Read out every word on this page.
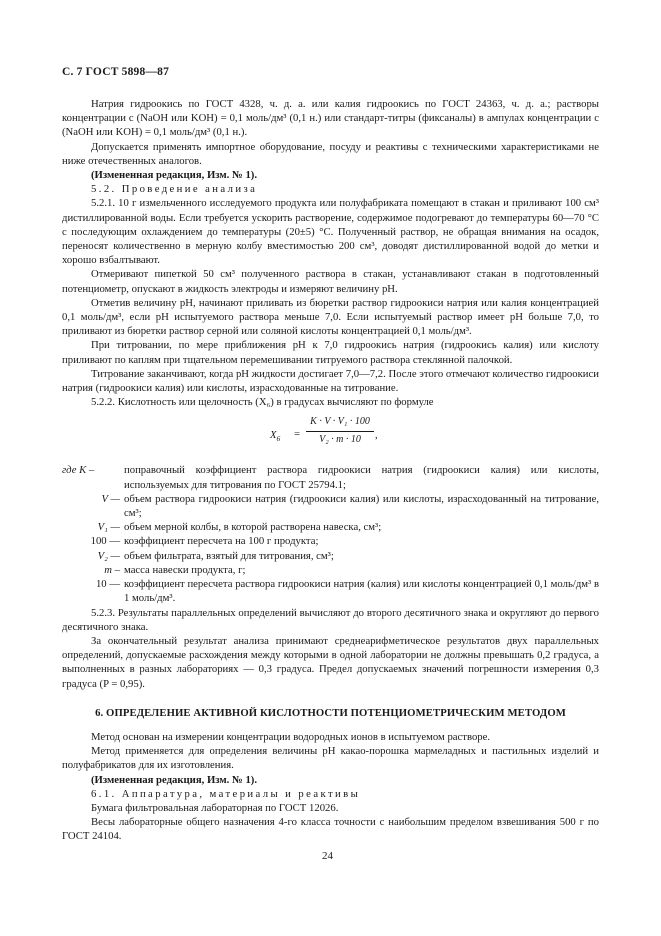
С. 7 ГОСТ 5898—87

Натрия гидроокись по ГОСТ 4328, ч. д. а. или калия гидроокись по ГОСТ 24363, ч. д. а.; растворы концентрации c (NaOH или KOH) = 0,1 моль/дм³ (0,1 н.) или стандарт-титры (фиксаналы) в ампулах концентрации c (NaOH или KOH) = 0,1 моль/дм³ (0,1 н.).

Допускается применять импортное оборудование, посуду и реактивы с техническими характеристиками не ниже отечественных аналогов.

(Измененная редакция, Изм. № 1).

5.2. Проведение анализа

5.2.1. 10 г измельченного исследуемого продукта или полуфабриката помещают в стакан и приливают 100 см³ дистиллированной воды. Если требуется ускорить растворение, содержимое подогревают до температуры 60—70 °С с последующим охлаждением до температуры (20±5) °С. Полученный раствор, не обращая внимания на осадок, переносят количественно в мерную колбу вместимостью 200 см³, доводят дистиллированной водой до метки и хорошо взбалтывают.

Отмеривают пипеткой 50 см³ полученного раствора в стакан, устанавливают стакан в подготовленный потенциометр, опускают в жидкость электроды и измеряют величину pH.

Отметив величину pH, начинают приливать из бюретки раствор гидроокиси натрия или калия концентрацией 0,1 моль/дм³, если pH испытуемого раствора меньше 7,0. Если испытуемый раствор имеет pH больше 7,0, то приливают из бюретки раствор серной или соляной кислоты концентрацией 0,1 моль/дм³.

При титровании, по мере приближения pH к 7,0 гидроокись натрия (гидроокись калия) или кислоту приливают по каплям при тщательном перемешивании титруемого раствора стеклянной палочкой.

Титрование заканчивают, когда pH жидкости достигает 7,0—7,2. После этого отмечают количество гидроокиси натрия (гидроокиси калия) или кислоты, израсходованные на титрование.

5.2.2. Кислотность или щелочность (X₆) в градусах вычисляют по формуле

$X_6 = \frac{\text{K · V · V₁ · 100}}{\text{V₂ · m · 10}}$ ,
где K –	поправочный коэффициент раствора гидроокиси натрия (гидроокиси калия) или кислоты, используемых для титрования по ГОСТ 25794.1;
V — объем раствора гидроокиси натрия (гидроокиси калия) или кислоты, израсходованный на титрование, см³;
V₁ — объем мерной колбы, в которой растворена навеска, см³;
100 — коэффициент пересчета на 100 г продукта;
V₂ — объем фильтрата, взятый для титрования, см³;
m – масса навески продукта, г;
10 — коэффициент пересчета раствора гидроокиси натрия (калия) или кислоты концентрацией 0,1 моль/дм³ в 1 моль/дм³.

5.2.3. Результаты параллельных определений вычисляют до второго десятичного знака и округляют до первого десятичного знака.

За окончательный результат анализа принимают среднеарифметическое результатов двух параллельных определений, допускаемые расхождения между которыми в одной лаборатории не должны превышать 0,2 градуса, а выполненных в разных лабораториях — 0,3 градуса. Предел допускаемых значений погрешности измерения 0,3 градуса (P = 0,95).

6. ОПРЕДЕЛЕНИЕ АКТИВНОЙ КИСЛОТНОСТИ ПОТЕНЦИОМЕТРИЧЕСКИМ МЕТОДОМ

Метод основан на измерении концентрации водородных ионов в испытуемом растворе.

Метод применяется для определения величины pH какао-порошка мармеладных и пастильных изделий и полуфабрикатов для их изготовления.

(Измененная редакция, Изм. № 1).

6.1. Аппаратура, материалы и реактивы

Бумага фильтровальная лабораторная по ГОСТ 12026.

Весы лабораторные общего назначения 4-го класса точности с наибольшим пределом взвешивания 500 г по ГОСТ 24104.

24
